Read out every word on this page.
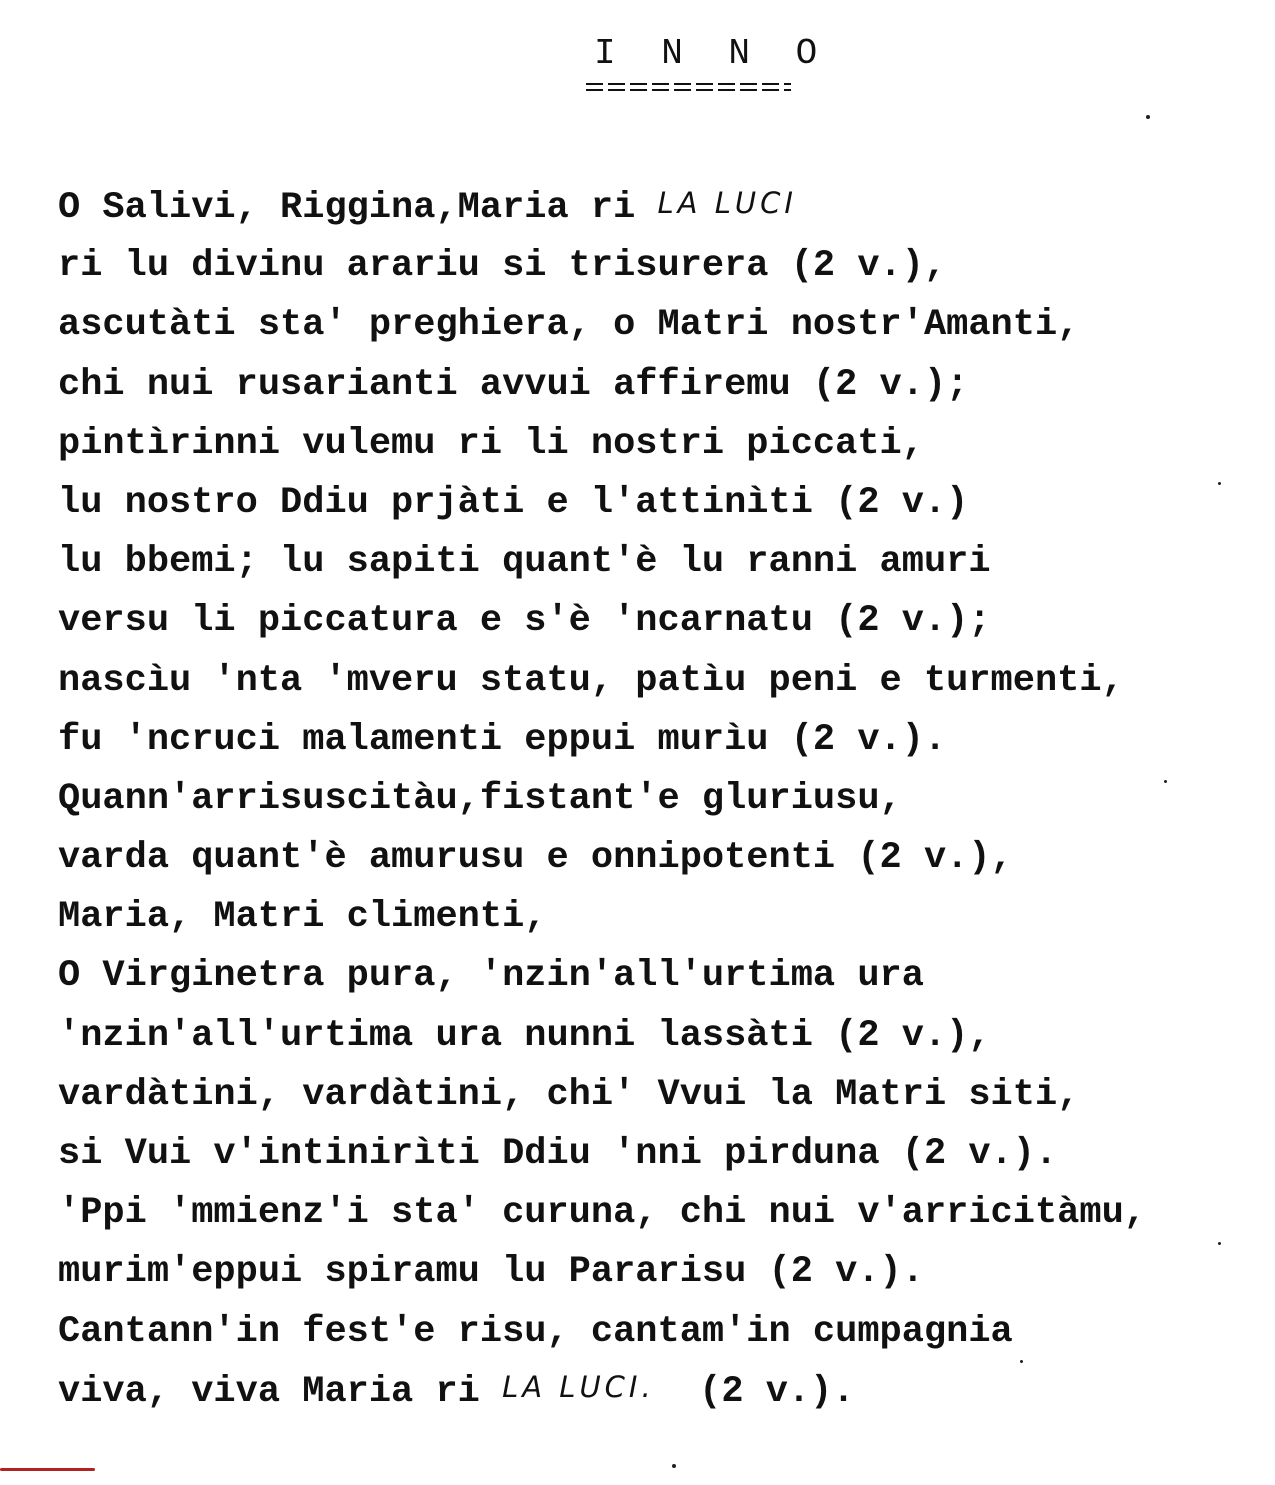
I N N O
O Salivi, Riggina,Maria ri LA LUCI
ri lu divinu arariu si trisurera (2 v.),
ascutàti sta' preghiera, o Matri nostr'Amanti,
chi nui rusarianti avvui affiremu (2 v.);
pintìrinni vulemu ri li nostri piccati,
lu nostro Ddiu prjàti e l'attinìti (2 v.)
lu bbemi; lu sapiti quant'è lu ranni amuri
versu li piccatura e s'è 'ncarnatu (2 v.);
nascìu 'nta 'mveru statu, patìu peni e turmenti,
fu 'ncruci malamenti eppui murìu (2 v.).
Quann'arrisuscitàu,fistant'e gluriusu,
varda quant'è amurusu e onnipotenti (2 v.),
Maria, Matri climenti,
O Virginetra pura, 'nzin'all'urtima ura
'nzin'all'urtima ura nunni lassàti (2 v.),
vardàtini, vardàtini, chi' Vvui la Matri siti,
si Vui v'intinirìti Ddiu 'nni pirduna (2 v.).
'Ppi 'mmienz'i sta' curuna, chi nui v'arricitàmu,
murim'eppui spiramu lu Pararisu (2 v.).
Cantann'in fest'e risu, cantam'in cumpagnia
viva, viva Maria ri LA LUCI.  (2 v.).
